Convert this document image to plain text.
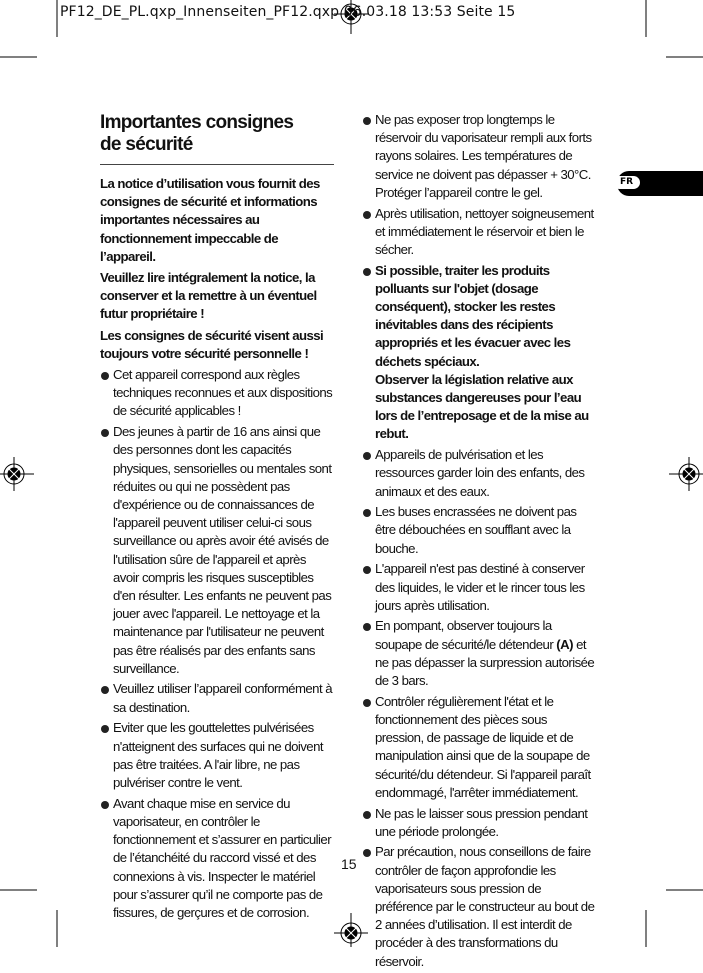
PF12_DE_PL.qxp_Innenseiten_PF12.qxp 06.03.18 13:53 Seite 15
FR
Importantes consignes
de sécurité

La notice d’utilisation vous fournit des consignes de sécurité et informations importantes nécessaires au fonctionnement impeccable de l’appareil.

Veuillez lire intégralement la notice, la conserver et la remettre à un éventuel futur propriétaire !

Les consignes de sécurité visent aussi toujours votre sécurité personnelle !

Cet appareil correspond aux règles techniques reconnues et aux dispositions de sécurité applicables !
Des jeunes à partir de 16 ans ainsi que des personnes dont les capacités physiques, sensorielles ou mentales sont réduites ou qui ne possèdent pas d'expérience ou de connaissances de l'appareil peuvent utiliser celui-ci sous surveillance ou après avoir été avisés de l'utilisation sûre de l'appareil et après avoir compris les risques susceptibles d'en résulter. Les enfants ne peuvent pas jouer avec l'appareil. Le nettoyage et la maintenance par l'utilisateur ne peuvent pas être réalisés par des enfants sans surveillance.
Veuillez utiliser l’appareil conformément à sa destination.
Eviter que les gouttelettes pulvérisées n'atteignent des surfaces qui ne doivent pas être traitées. A l'air libre, ne pas pulvériser contre le vent.
Avant chaque mise en service du vaporisateur, en contrôler le fonctionnement et s’assurer en particulier de l’étanchéité du raccord vissé et des connexions à vis. Inspecter le matériel pour s’assurer qu’il ne comporte pas de fissures, de gerçures et de corrosion.
Ne pas exposer trop longtemps le réservoir du vaporisateur rempli aux forts rayons solaires. Les températures de service ne doivent pas dépasser + 30°C. Protéger l’appareil contre le gel.
Après utilisation, nettoyer soigneusement et immédiatement le réservoir et bien le sécher.
Si possible, traiter les produits polluants sur l'objet (dosage conséquent), stocker les restes inévitables dans des récipients appropriés et les évacuer avec les déchets spéciaux.
Observer la législation relative aux substances dangereuses pour l’eau lors de l’entreposage et de la mise au rebut.
Appareils de pulvérisation et les ressources garder loin des enfants, des animaux et des eaux.
Les buses encrassées ne doivent pas être débouchées en soufflant avec la bouche.
L'appareil n'est pas destiné à conserver des liquides, le vider et le rincer tous les jours après utilisation.
En pompant, observer toujours la soupape de sécurité/le détendeur (A) et ne pas dépasser la surpression autorisée de 3 bars.
Contrôler régulièrement l'état et le fonctionnement des pièces sous pression, de passage de liquide et de manipulation ainsi que de la soupape de sécurité/du détendeur. Si l'appareil paraît endommagé, l'arrêter immédiatement.
Ne pas le laisser sous pression pendant une période prolongée.
Par précaution, nous conseillons de faire contrôler de façon approfondie les vaporisateurs sous pression de préférence par le constructeur au bout de 2 années d’utilisation. Il est interdit de procéder à des transformations du réservoir.
15
